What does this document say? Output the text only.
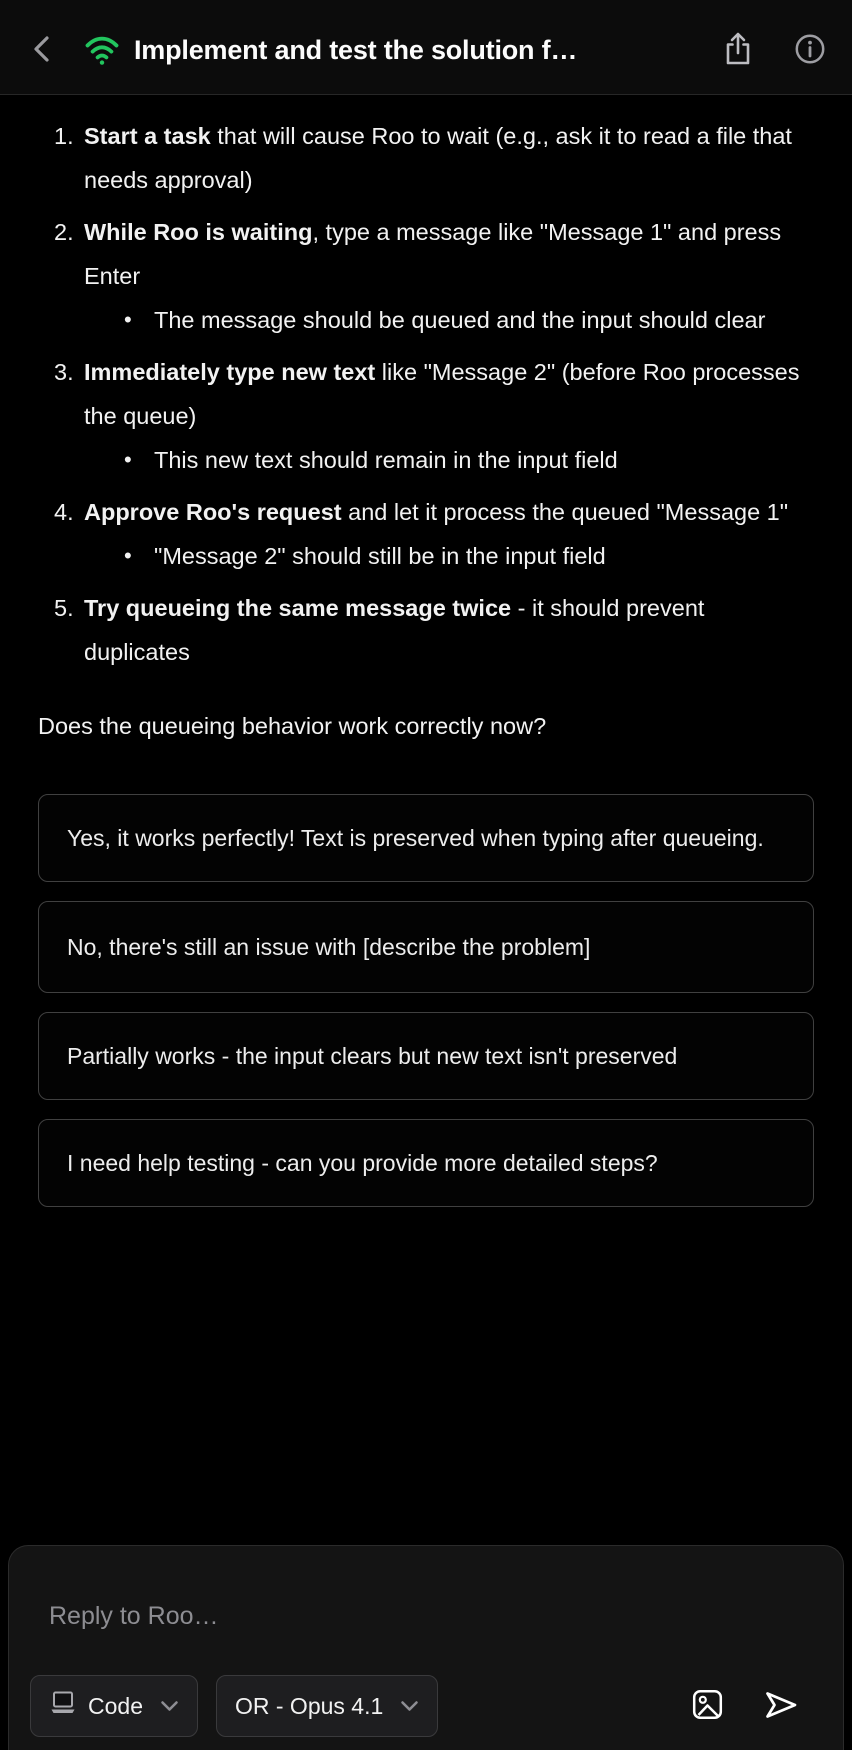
Implement and test the solution f…
1. Start a task that will cause Roo to wait (e.g., ask it to read a file that needs approval)
2. While Roo is waiting, type a message like "Message 1" and press Enter
• The message should be queued and the input should clear
3. Immediately type new text like "Message 2" (before Roo processes the queue)
• This new text should remain in the input field
4. Approve Roo's request and let it process the queued "Message 1"
• "Message 2" should still be in the input field
5. Try queueing the same message twice - it should prevent duplicates
Does the queueing behavior work correctly now?
Yes, it works perfectly! Text is preserved when typing after queueing.
No, there's still an issue with [describe the problem]
Partially works - the input clears but new text isn't preserved
I need help testing - can you provide more detailed steps?
Reply to Roo…
Code	OR - Opus 4.1
